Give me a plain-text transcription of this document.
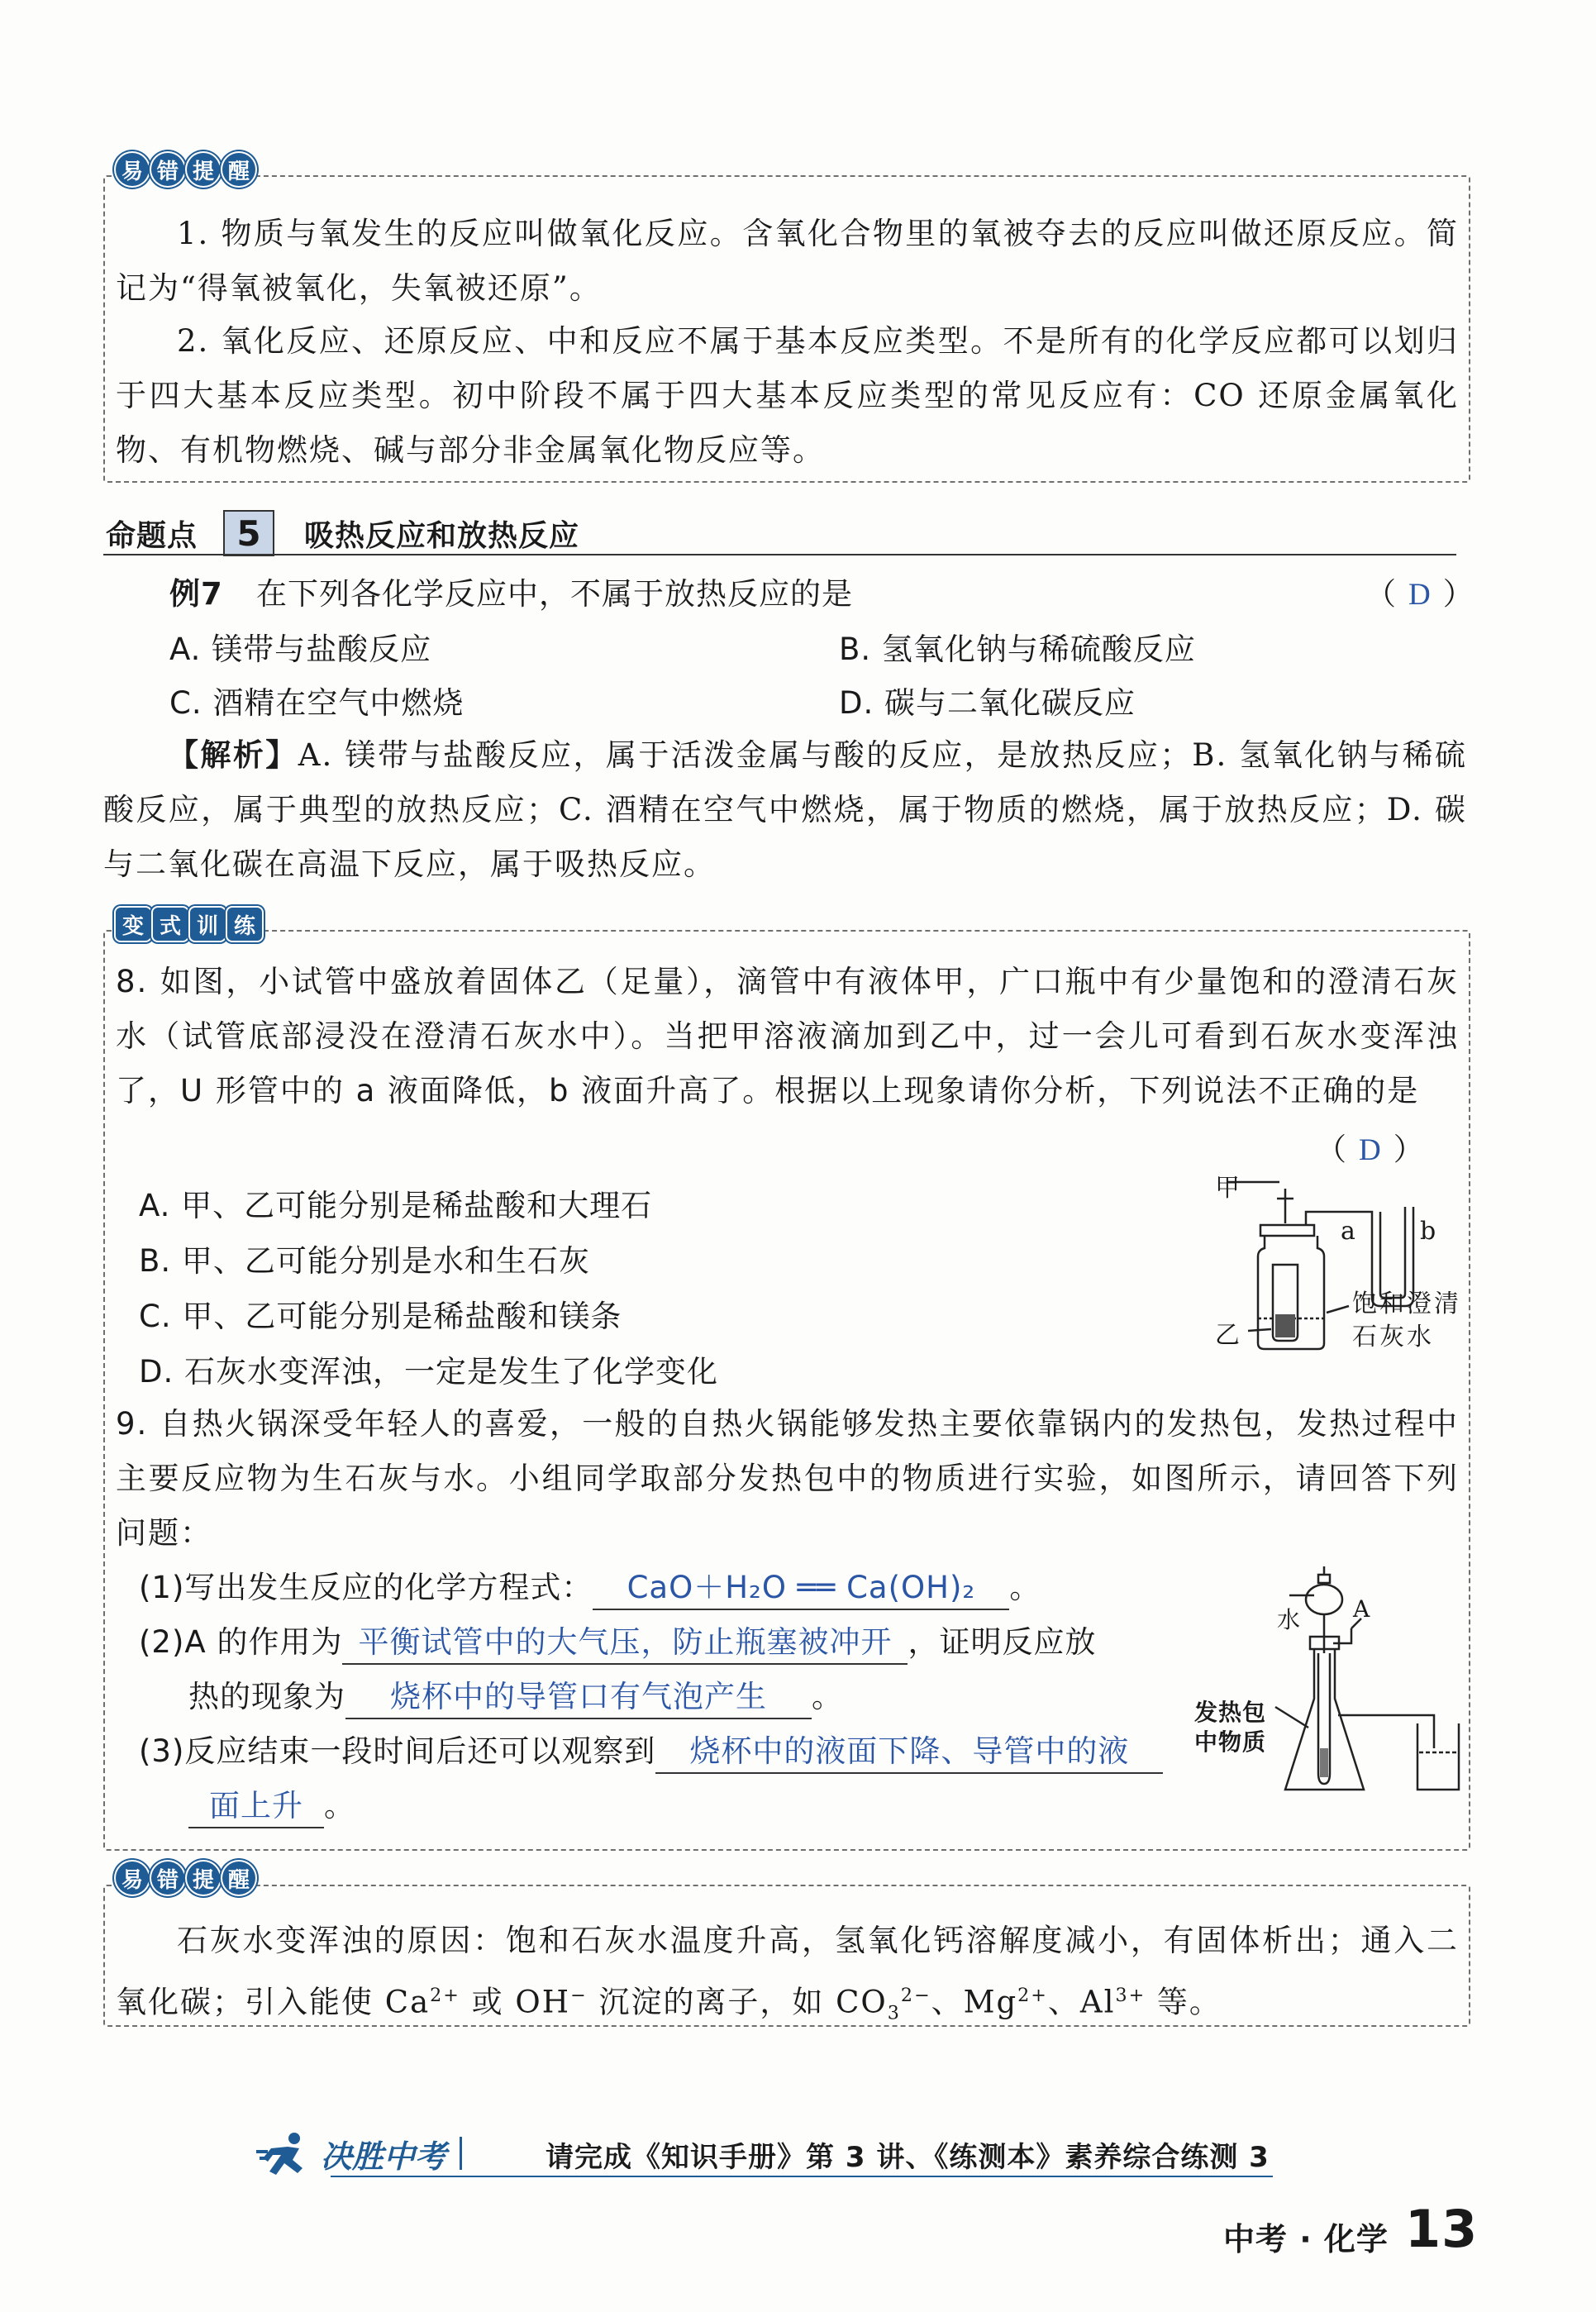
易 错 提 醒
1. 物质与氧发生的反应叫做氧化反应。含氧化合物里的氧被夺去的反应叫做还原反应。简记为“得氧被氧化，失氧被还原”。
2. 氧化反应、还原反应、中和反应不属于基本反应类型。不是所有的化学反应都可以划归于四大基本反应类型。初中阶段不属于四大基本反应类型的常见反应有：CO 还原金属氧化物、有机物燃烧、碱与部分非金属氧化物反应等。
命题点	5	吸热反应和放热反应
例7 在下列各化学反应中，不属于放热反应的是	（ D ）
A. 镁带与盐酸反应	B. 氢氧化钠与稀硫酸反应
C. 酒精在空气中燃烧	D. 碳与二氧化碳反应
【解析】A. 镁带与盐酸反应，属于活泼金属与酸的反应，是放热反应；B. 氢氧化钠与稀硫酸反应，属于典型的放热反应；C. 酒精在空气中燃烧，属于物质的燃烧，属于放热反应；D. 碳与二氧化碳在高温下反应，属于吸热反应。
变 式 训 练
8. 如图，小试管中盛放着固体乙（足量），滴管中有液体甲，广口瓶中有少量饱和的澄清石灰水（试管底部浸没在澄清石灰水中）。当把甲溶液滴加到乙中，过一会儿可看到石灰水变浑浊了，U 形管中的 a 液面降低，b 液面升高了。根据以上现象请你分析，下列说法不正确的是
（ D ）
A. 甲、乙可能分别是稀盐酸和大理石
B. 甲、乙可能分别是水和生石灰
C. 甲、乙可能分别是稀盐酸和镁条
D. 石灰水变浑浊，一定是发生了化学变化
甲
乙
a	b
饱和澄清
石灰水
9. 自热火锅深受年轻人的喜爱，一般的自热火锅能够发热主要依靠锅内的发热包，发热过程中主要反应物为生石灰与水。小组同学取部分发热包中的物质进行实验，如图所示，请回答下列问题：
(1)写出发生反应的化学方程式： CaO＋H₂O ══ Ca(OH)₂ 。
(2)A 的作用为 平衡试管中的大气压，防止瓶塞被冲开 ，证明反应放
热的现象为 烧杯中的导管口有气泡产生 。
(3)反应结束一段时间后还可以观察到 烧杯中的液面下降、导管中的液
面上升 。
水 A
发热包
中物质
易 错 提 醒
石灰水变浑浊的原因：饱和石灰水温度升高，氢氧化钙溶解度减小，有固体析出；通入二氧化碳；引入能使 $Ca^{2+}$ 或 OH− 沉淀的离子，如 $CO_3^{2-}$、$Mg^{2+}$、$Al^{3+}$ 等。
决胜中考	请完成《知识手册》第 3 讲、《练测本》素养综合练测 3
中考 · 化学 13
